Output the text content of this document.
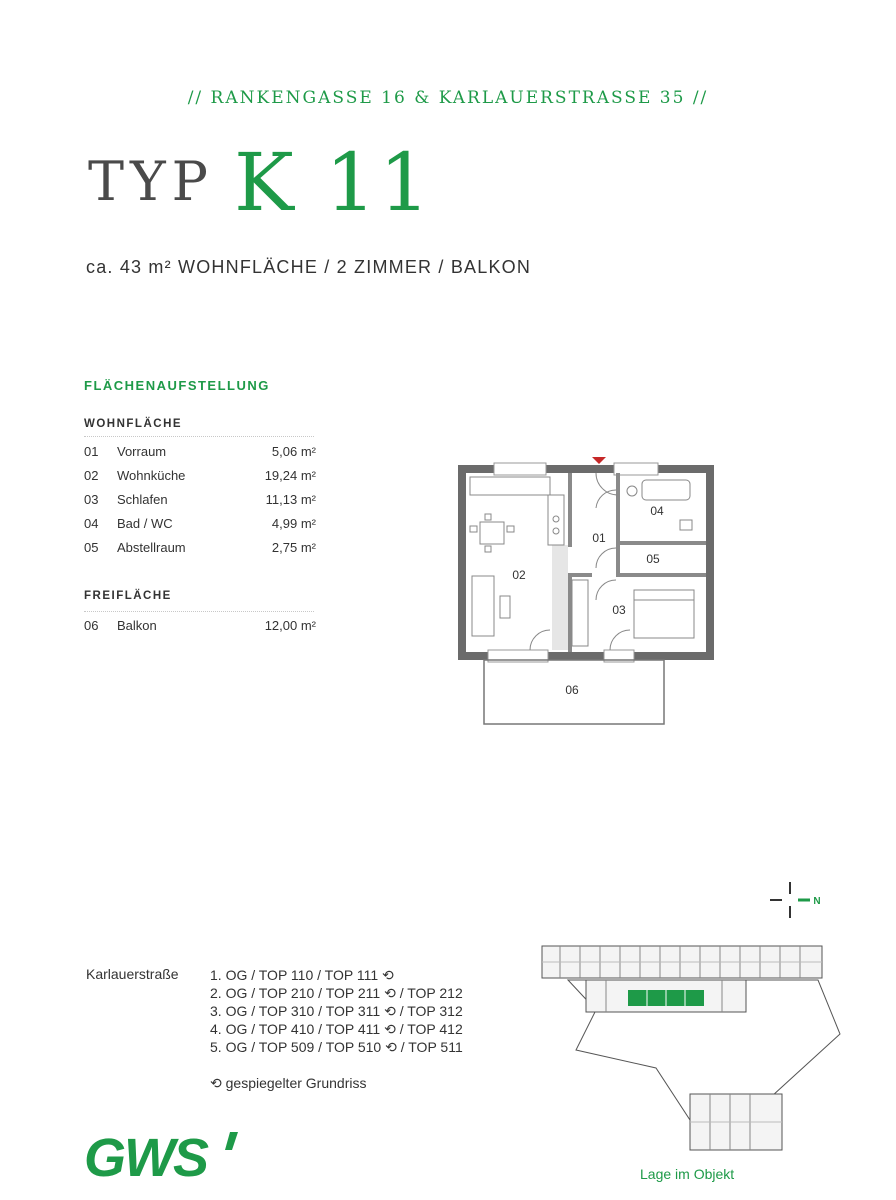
// RANKENGASSE 16 & KARLAUERSTRASSE 35 //
TYP K 11
ca. 43 m² WOHNFLÄCHE / 2 ZIMMER / BALKON
FLÄCHENAUFSTELLUNG
WOHNFLÄCHE
01 Vorraum	5,06 m²
02 Wohnküche	19,24 m²
03 Schlafen	11,13 m²
04 Bad / WC	4,99 m²
05 Abstellraum	2,75 m²
FREIFLÄCHE
06 Balkon	12,00 m²
01
02
03
04
05
06
Karlauerstraße 1. OG / TOP 110 / TOP 111 ⟲
2. OG / TOP 210 / TOP 211 ⟲ / TOP 212
3. OG / TOP 310 / TOP 311 ⟲ / TOP 312
4. OG / TOP 410 / TOP 411 ⟲ / TOP 412
5. OG / TOP 509 / TOP 510 ⟲ / TOP 511
⟲ gespiegelter Grundriss
N
Lage im Objekt
GWS
